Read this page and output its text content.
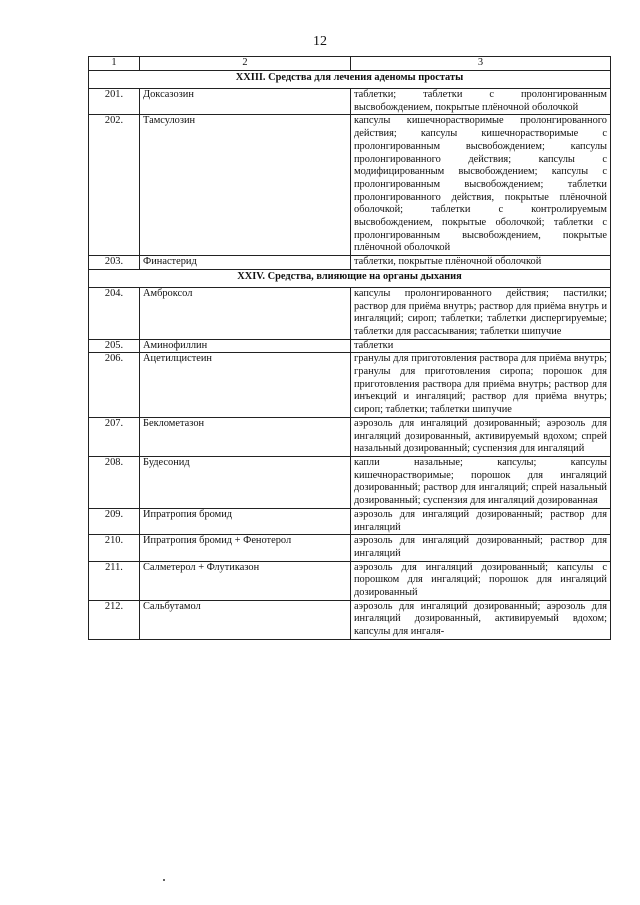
12
1	2	3
XXIII. Средства для лечения аденомы простаты		
201.	Доксазозин	таблетки; таблетки с пролонгированным высвобождением, покрытые плёночной оболочкой
202.	Тамсулозин	капсулы кишечнорастворимые пролонгированного действия; капсулы кишечнорастворимые с пролонгированным высвобождением; капсулы пролонгированного действия; капсулы с модифицированным высвобождением; капсулы с пролонгированным высвобождением; таблетки пролонгированного действия, покрытые плёночной оболочкой; таблетки с контролируемым высвобождением, покрытые оболочкой; таблетки с пролонгированным высвобождением, покрытые плёночной оболочкой
203.	Финастерид	таблетки, покрытые плёночной оболочкой
XXIV. Средства, влияющие на органы дыхания		
204.	Амброксол	капсулы пролонгированного действия; пастилки; раствор для приёма внутрь; раствор для приёма внутрь и ингаляций; сироп; таблетки; таблетки диспергируемые; таблетки для рассасывания; таблетки шипучие
205.	Аминофиллин	таблетки
206.	Ацетилцистеин	гранулы для приготовления раствора для приёма внутрь; гранулы для приготовления сиропа; порошок для приготовления раствора для приёма внутрь; раствор для инъекций и ингаляций; раствор для приёма внутрь; сироп; таблетки; таблетки шипучие
207.	Беклометазон	аэрозоль для ингаляций дозированный; аэрозоль для ингаляций дозированный, активируемый вдохом; спрей назальный дозированный; суспензия для ингаляций
208.	Будесонид	капли назальные; капсулы; капсулы кишечнорастворимые; порошок для ингаляций дозированный; раствор для ингаляций; спрей назальный дозированный; суспензия для ингаляций дозированная
209.	Ипратропия бромид	аэрозоль для ингаляций дозированный; раствор для ингаляций
210.	Ипратропия бромид + Фенотерол	аэрозоль для ингаляций дозированный; раствор для ингаляций
211.	Салметерол + Флутиказон	аэрозоль для ингаляций дозированный; капсулы с порошком для ингаляций; порошок для ингаляций дозированный
212.	Сальбутамол	аэрозоль для ингаляций дозированный; аэрозоль для ингаляций дозированный, активируемый вдохом; капсулы для ингаля-
